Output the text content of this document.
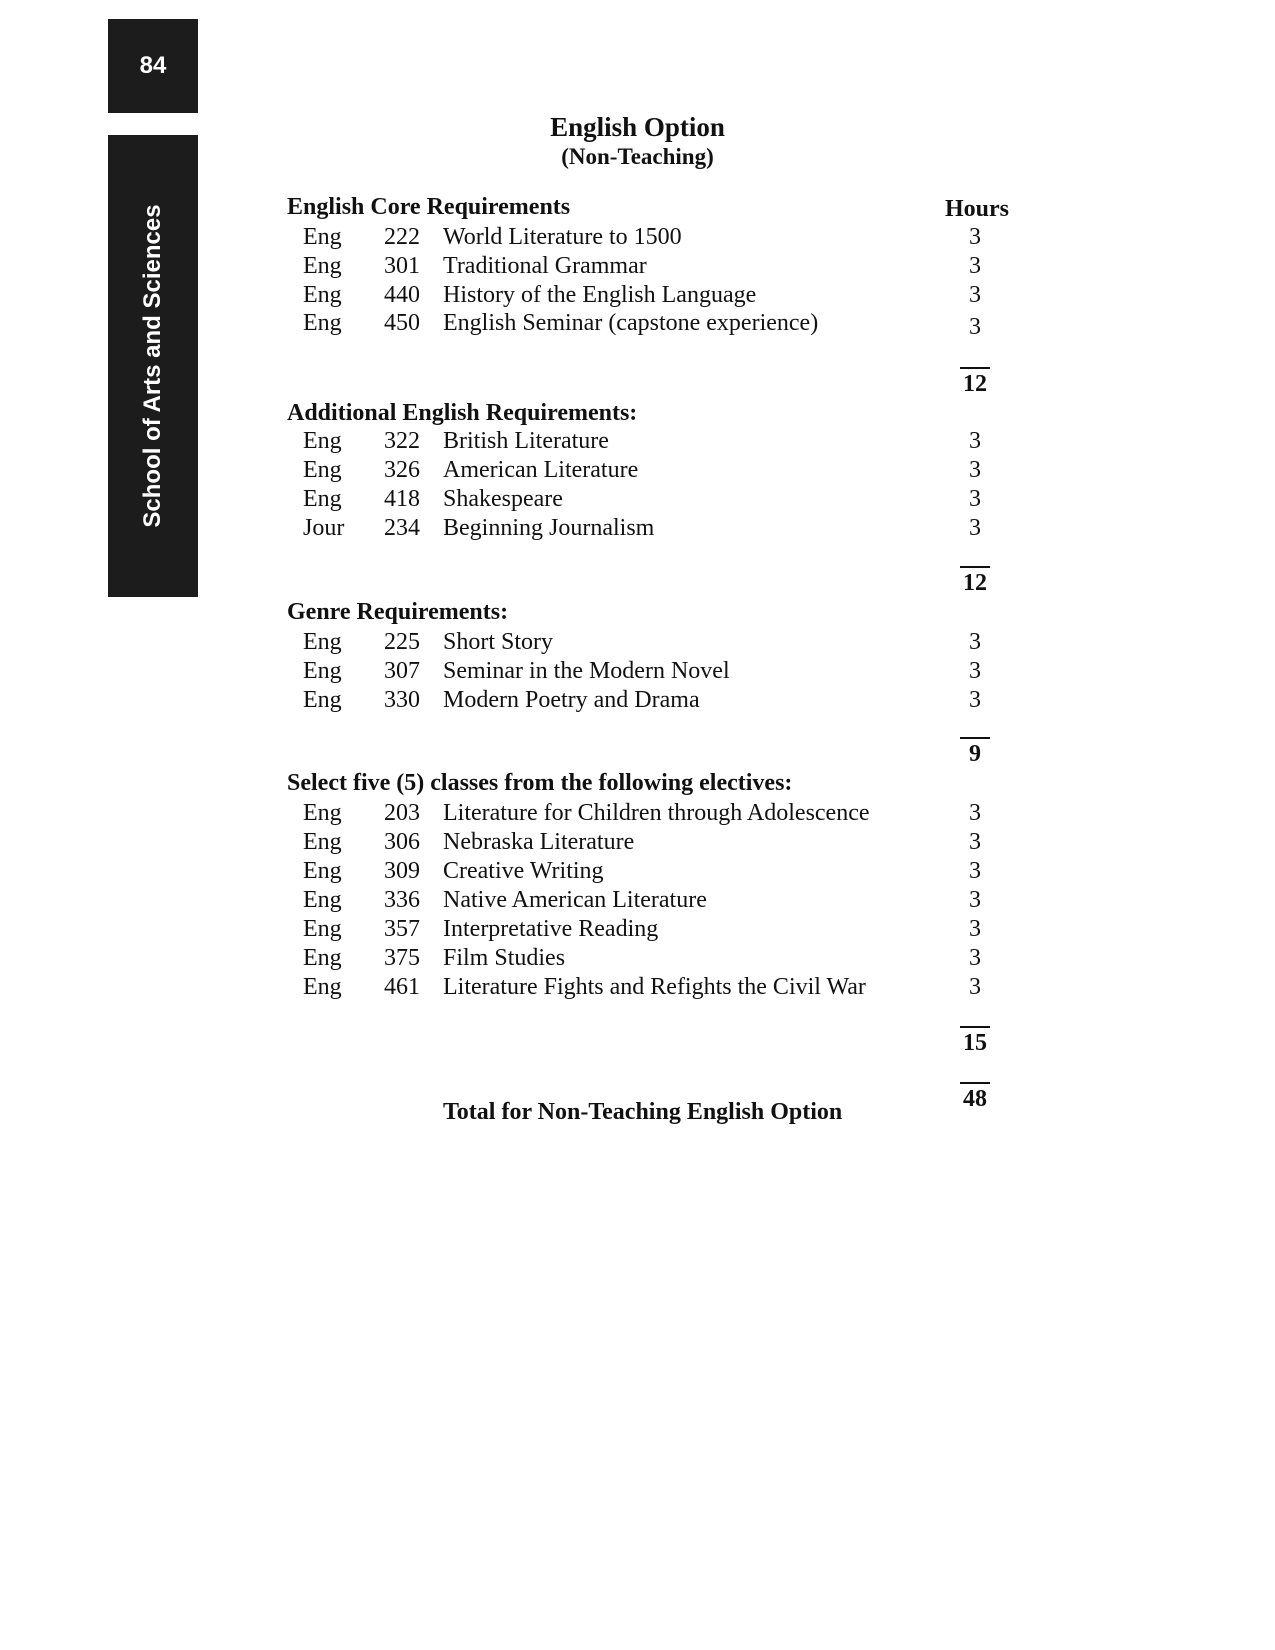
84
School of Arts and Sciences
English Option
(Non-Teaching)
Hours
English Core Requirements
Eng 222 World Literature to 1500	3
Eng 301 Traditional Grammar	3
Eng 440 History of the English Language	3
Eng 450 English Seminar (capstone experience)	3
12
Additional English Requirements:
Eng 322 British Literature	3
Eng 326 American Literature	3
Eng 418 Shakespeare	3
Jour 234 Beginning Journalism	3
12
Genre Requirements:
Eng 225 Short Story	3
Eng 307 Seminar in the Modern Novel	3
Eng 330 Modern Poetry and Drama	3
9
Select five (5) classes from the following electives:
Eng 203 Literature for Children through Adolescence	3
Eng 306 Nebraska Literature	3
Eng 309 Creative Writing	3
Eng 336 Native American Literature	3
Eng 357 Interpretative Reading	3
Eng 375 Film Studies	3
Eng 461 Literature Fights and Refights the Civil War	3
15
Total for Non-Teaching English Option	48
